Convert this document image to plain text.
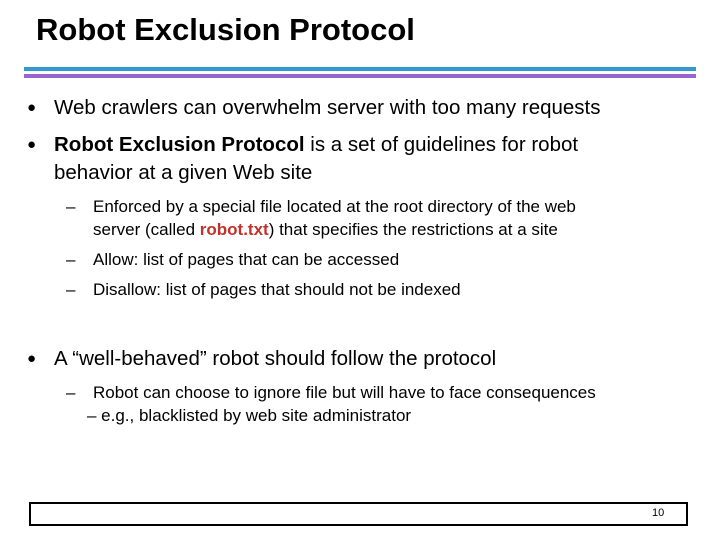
Robot Exclusion Protocol
● Web crawlers can overwhelm server with too many requests
● Robot Exclusion Protocol is a set of guidelines for robot
behavior at a given Web site
– Enforced by a special file located at the root directory of the web
server (called robot.txt) that specifies the restrictions at a site
– Allow: list of pages that can be accessed
– Disallow: list of pages that should not be indexed
● A “well-behaved” robot should follow the protocol
– Robot can choose to ignore file but will have to face consequences
– e.g., blacklisted by web site administrator
10
